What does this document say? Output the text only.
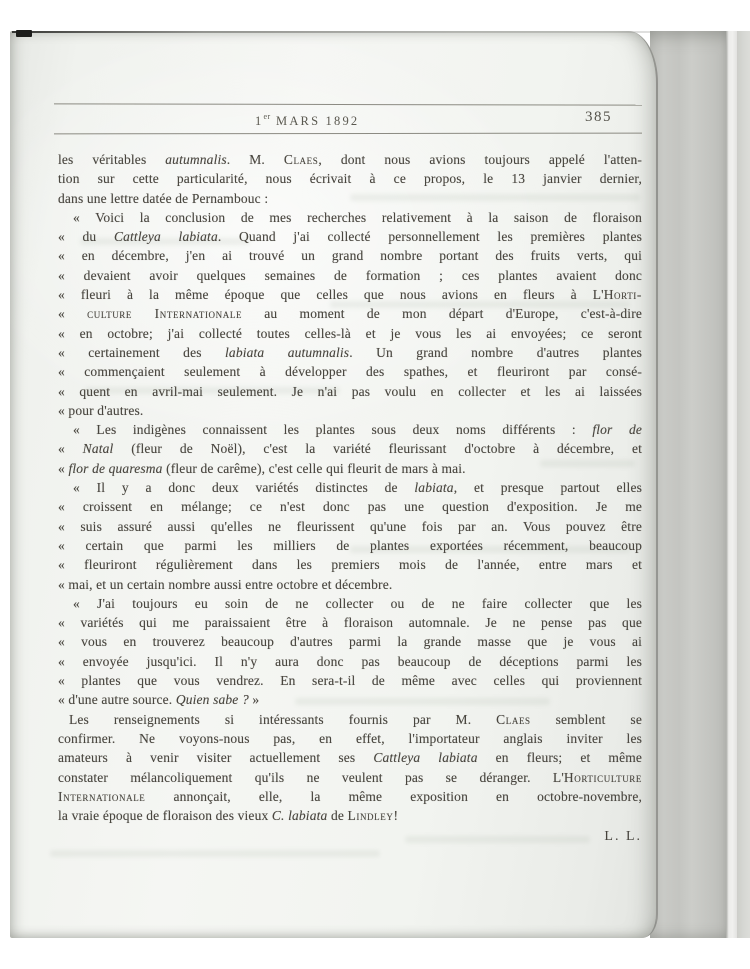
1er MARS 1892	385
les véritables autumnalis. M. Claes, dont nous avions toujours appelé l'atten-
tion sur cette particularité, nous écrivait à ce propos, le 13 janvier dernier,
dans une lettre datée de Pernambouc :
« Voici la conclusion de mes recherches relativement à la saison de floraison
« du Cattleya labiata. Quand j'ai collecté personnellement les premières plantes
« en décembre, j'en ai trouvé un grand nombre portant des fruits verts, qui
« devaient avoir quelques semaines de formation ; ces plantes avaient donc
« fleuri à la même époque que celles que nous avions en fleurs à L'Horti-
« culture Internationale au moment de mon départ d'Europe, c'est-à-dire
« en octobre; j'ai collecté toutes celles-là et je vous les ai envoyées; ce seront
« certainement des labiata autumnalis. Un grand nombre d'autres plantes
« commençaient seulement à développer des spathes, et fleuriront par consé-
« quent en avril-mai seulement. Je n'ai pas voulu en collecter et les ai laissées
« pour d'autres.
« Les indigènes connaissent les plantes sous deux noms différents : flor de
« Natal (fleur de Noël), c'est la variété fleurissant d'octobre à décembre, et
« flor de quaresma (fleur de carême), c'est celle qui fleurit de mars à mai.
« Il y a donc deux variétés distinctes de labiata, et presque partout elles
« croissent en mélange; ce n'est donc pas une question d'exposition. Je me
« suis assuré aussi qu'elles ne fleurissent qu'une fois par an. Vous pouvez être
« certain que parmi les milliers de plantes exportées récemment, beaucoup
« fleuriront régulièrement dans les premiers mois de l'année, entre mars et
« mai, et un certain nombre aussi entre octobre et décembre.
« J'ai toujours eu soin de ne collecter ou de ne faire collecter que les
« variétés qui me paraissaient être à floraison automnale. Je ne pense pas que
« vous en trouverez beaucoup d'autres parmi la grande masse que je vous ai
« envoyée jusqu'ici. Il n'y aura donc pas beaucoup de déceptions parmi les
« plantes que vous vendrez. En sera-t-il de même avec celles qui proviennent
« d'une autre source. Quien sabe ? »
Les renseignements si intéressants fournis par M. Claes semblent se
confirmer. Ne voyons-nous pas, en effet, l'importateur anglais inviter les
amateurs à venir visiter actuellement ses Cattleya labiata en fleurs; et même
constater mélancoliquement qu'ils ne veulent pas se déranger. L'Horticulture
Internationale annonçait, elle, la même exposition en octobre-novembre,
la vraie époque de floraison des vieux C. labiata de Lindley!
L. L.
